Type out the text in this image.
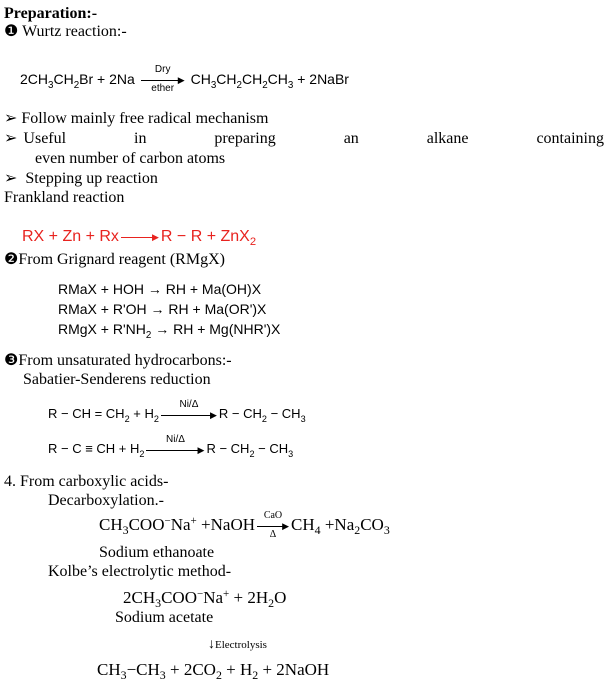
Preparation:-
❶ Wurtz reaction:-
$2CH_3CH_2Br + 2Na$	▶
Dry
ether
$CH_3CH_2CH_2CH_3$ + 2NaBr
➢ Follow mainly free radical mechanism
➢ Useful	in	preparing	an	alkane	containing
even number of carbon atoms
➢ Stepping up reaction
Frankland reaction
RX + Zn + Rx	▶ R − R + ZnX$_2$
❷From Grignard reagent (RMgX)
RMaX + HOH → RH + Ma(OH)X
RMaX + R'OH → RH + Ma(OR')X
RMgX + $R'NH_2$ → RH + Mg(NHR')X
❸From unsaturated hydrocarbons:-
Sabatier-Senderens reduction
R − CH = $CH_2 + H_2$	▶
Ni/Δ
$R - CH_2 - CH_3$
R − C ≡ CH + $H_2$	▶
Ni/Δ
$R - CH_2 - CH_3$
4. From carboxylic acids-
Decarboxylation.-
$CH_3COO^-Na^+$ +NaOH	▶
CaO
Δ
$CH_4 +Na_2CO_3$
Sodium ethanoate
Kolbe’s electrolytic method-
$2CH_3COO^-Na^+ + 2H_2O$
Sodium acetate
↓Electrolysis
$CH_3-CH_3 + 2CO_2 + H_2$ + 2NaOH
